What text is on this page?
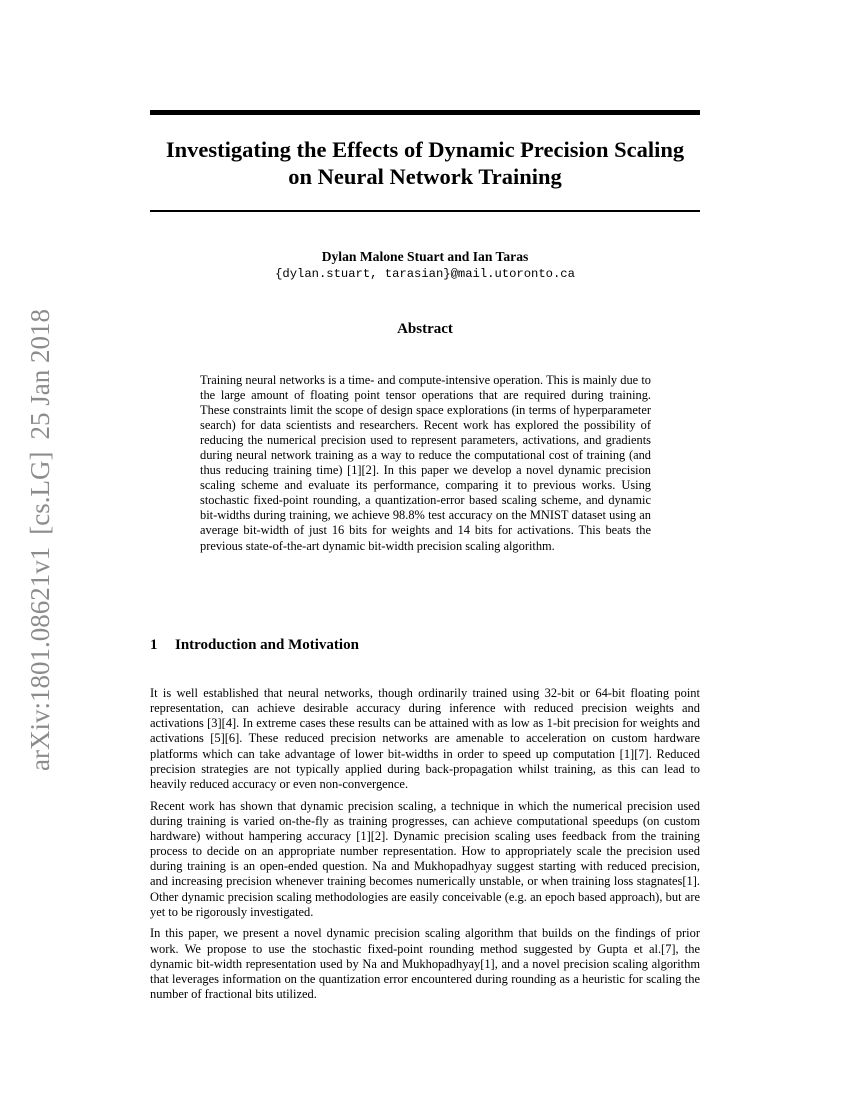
Investigating the Effects of Dynamic Precision Scaling
on Neural Network Training
Dylan Malone Stuart and Ian Taras
{dylan.stuart, tarasian}@mail.utoronto.ca
Abstract

Training neural networks is a time- and compute-intensive operation. This is mainly due to the large amount of floating point tensor operations that are required during training. These constraints limit the scope of design space explorations (in terms of hyperparameter search) for data scientists and researchers. Recent work has explored the possibility of reducing the numerical precision used to represent parameters, activations, and gradients during neural network training as a way to reduce the computational cost of training (and thus reducing training time) [1][2]. In this paper we develop a novel dynamic precision scaling scheme and evaluate its performance, comparing it to previous works. Using stochastic fixed-point rounding, a quantization-error based scaling scheme, and dynamic bit-widths during training, we achieve 98.8% test accuracy on the MNIST dataset using an average bit-width of just 16 bits for weights and 14 bits for activations. This beats the previous state-of-the-art dynamic bit-width precision scaling algorithm.

1 Introduction and Motivation

It is well established that neural networks, though ordinarily trained using 32-bit or 64-bit floating point representation, can achieve desirable accuracy during inference with reduced precision weights and activations [3][4]. In extreme cases these results can be attained with as low as 1-bit precision for weights and activations [5][6]. These reduced precision networks are amenable to acceleration on custom hardware platforms which can take advantage of lower bit-widths in order to speed up computation [1][7]. Reduced precision strategies are not typically applied during back-propagation whilst training, as this can lead to heavily reduced accuracy or even non-convergence.

Recent work has shown that dynamic precision scaling, a technique in which the numerical precision used during training is varied on-the-fly as training progresses, can achieve computational speedups (on custom hardware) without hampering accuracy [1][2]. Dynamic precision scaling uses feedback from the training process to decide on an appropriate number representation. How to appropriately scale the precision used during training is an open-ended question. Na and Mukhopadhyay suggest starting with reduced precision, and increasing precision whenever training becomes numerically unstable, or when training loss stagnates[1]. Other dynamic precision scaling methodologies are easily conceivable (e.g. an epoch based approach), but are yet to be rigorously investigated.

In this paper, we present a novel dynamic precision scaling algorithm that builds on the findings of prior work. We propose to use the stochastic fixed-point rounding method suggested by Gupta et al.[7], the dynamic bit-width representation used by Na and Mukhopadhyay[1], and a novel precision scaling algorithm that leverages information on the quantization error encountered during rounding as a heuristic for scaling the number of fractional bits utilized.

arXiv:1801.08621v1[cs.LG]25 Jan 2018
